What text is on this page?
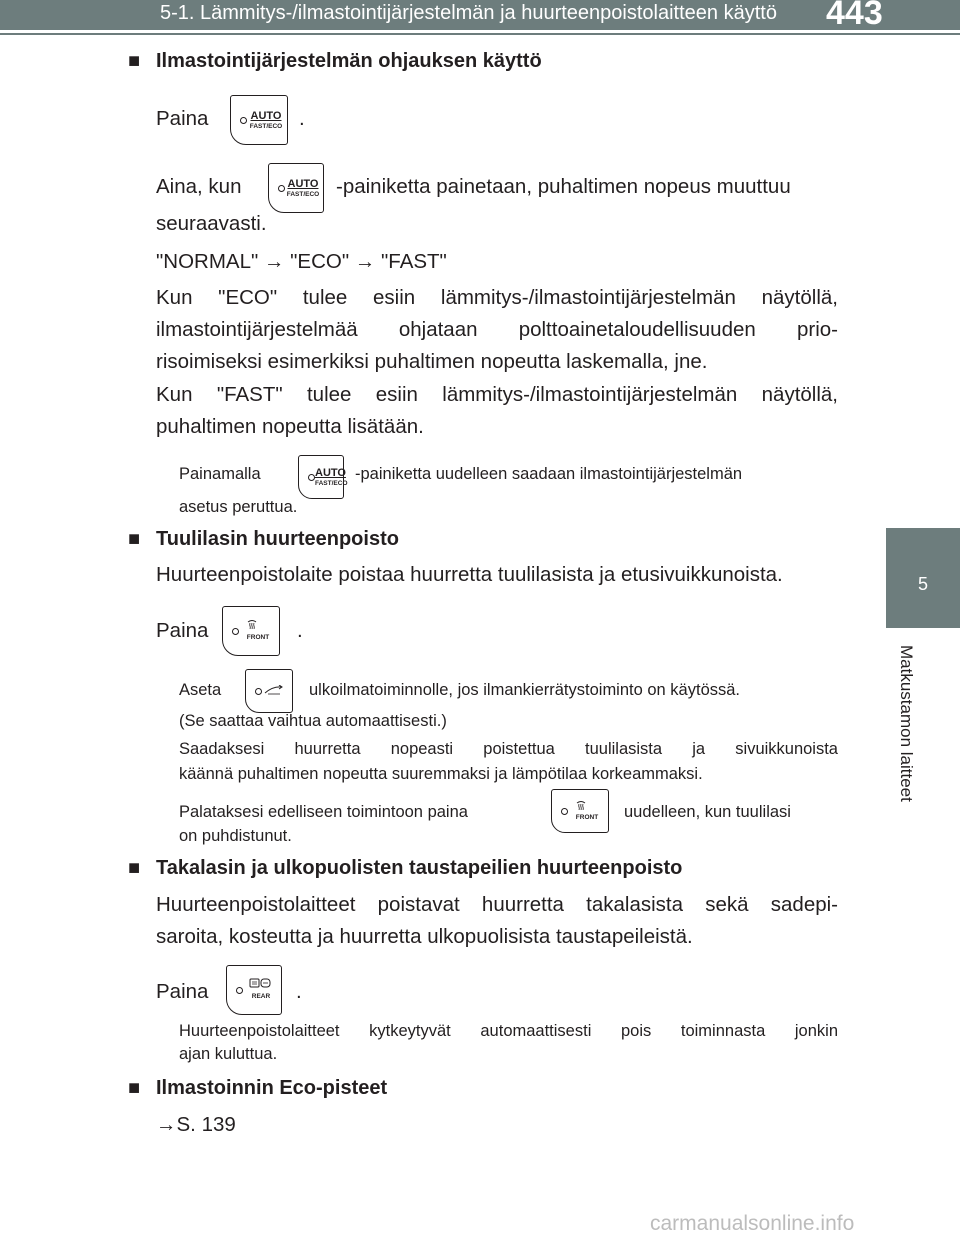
5-1. Lämmitys-/ilmastointijärjestelmän ja huurteenpoistolaitteen käyttö 443
5
Matkustamon laitteet
■ Ilmastointijärjestelmän ohjauksen käyttö
Paina	AUTO
FAST/ECO .
Aina, kun	AUTO
FAST/ECO -painiketta painetaan, puhaltimen nopeus muuttuu
seuraavasti.
"NORMAL" → "ECO" → "FAST"
Kun "ECO" tulee esiin lämmitys-/ilmastointijärjestelmän näytöllä,
ilmastointijärjestelmää ohjataan polttoainetaloudellisuuden prio-
risoimiseksi esimerkiksi puhaltimen nopeutta laskemalla, jne.
Kun "FAST" tulee esiin lämmitys-/ilmastointijärjestelmän näytöllä,
puhaltimen nopeutta lisätään.
Painamalla	AUTO
FAST/ECO
-painiketta uudelleen saadaan ilmastointijärjestelmän
asetus peruttua.
■ Tuulilasin huurteenpoisto
Huurteenpoistolaite poistaa huurretta tuulilasista ja etusivuikkunoista.
Paina	FRONT	.
Aseta	ulkoilmatoiminnolle, jos ilmankierrätystoiminto on käytössä.
(Se saattaa vaihtua automaattisesti.)
Saadaksesi huurretta nopeasti poistettua tuulilasista ja sivuikkunoista
käännä puhaltimen nopeutta suuremmaksi ja lämpötilaa korkeammaksi.
Palataksesi edelliseen toimintoon paina	FRONT	uudelleen, kun tuulilasi
on puhdistunut.
■ Takalasin ja ulkopuolisten taustapeilien huurteenpoisto
Huurteenpoistolaitteet poistavat huurretta takalasista sekä sadepi-
saroita, kosteutta ja huurretta ulkopuolisista taustapeileistä.
Paina	REAR	.
Huurteenpoistolaitteet kytkeytyvät automaattisesti pois toiminnasta jonkin
ajan kuluttua.
■ Ilmastoinnin Eco-pisteet
→S. 139
carmanualsonline.info
